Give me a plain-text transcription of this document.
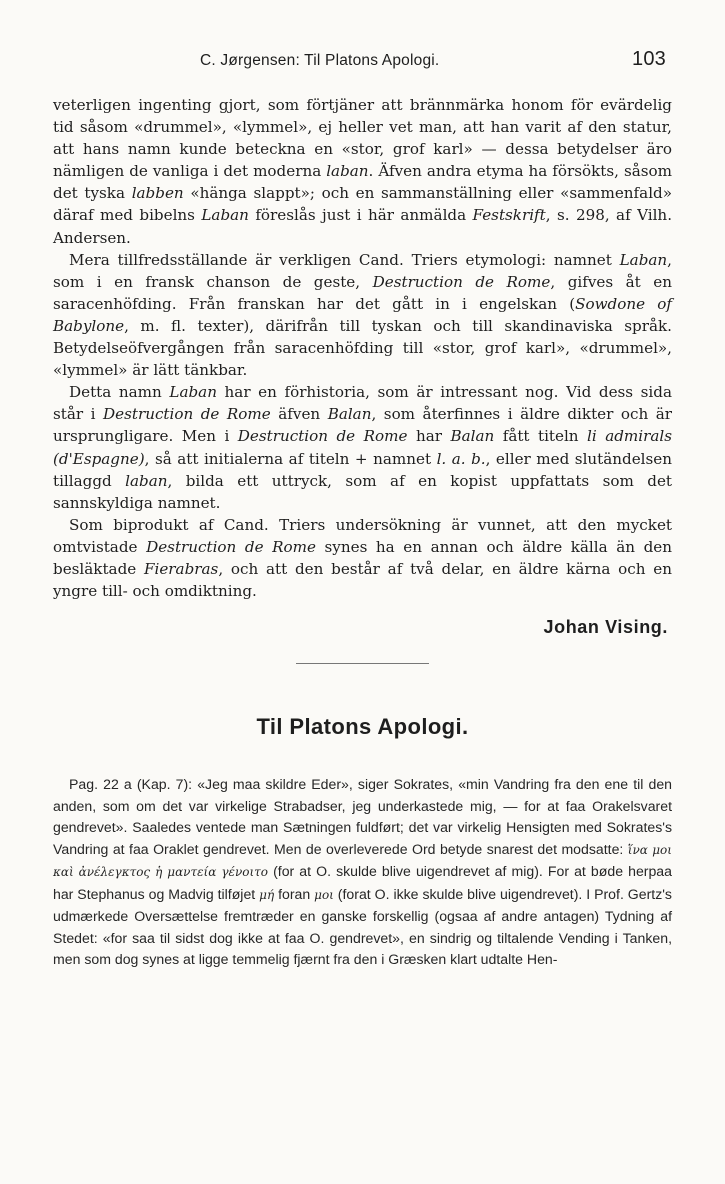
C. Jørgensen: Til Platons Apologi.	103

veterligen ingenting gjort, som förtjäner att brännmärka honom för evärdelig tid såsom «drummel», «lymmel», ej heller vet man, att han varit af den statur, att hans namn kunde beteckna en «stor, grof karl» — dessa betydelser äro nämligen de vanliga i det moderna laban. Äfven andra etyma ha försökts, såsom det tyska labben «hänga slappt»; och en sammanställning eller «sammenfald» däraf med bibelns Laban föreslås just i här anmälda Festskrift, s. 298, af Vilh. Andersen.

Mera tillfredsställande är verkligen Cand. Triers etymologi: namnet Laban, som i en fransk chanson de geste, Destruction de Rome, gifves åt en saracenhöfding. Från franskan har det gått in i engelskan (Sowdone of Babylone, m. fl. texter), därifrån till tyskan och till skandinaviska språk. Betydelseöfvergången från saracenhöfding till «stor, grof karl», «drummel», «lymmel» är lätt tänkbar.

Detta namn Laban har en förhistoria, som är intressant nog. Vid dess sida står i Destruction de Rome äfven Balan, som återfinnes i äldre dikter och är ursprungligare. Men i Destruction de Rome har Balan fått titeln li admirals (d'Espagne), så att initialerna af titeln + namnet l. a. b., eller med slutändelsen tillaggd laban, bilda ett uttryck, som af en kopist uppfattats som det sannskyldiga namnet.

Som biprodukt af Cand. Triers undersökning är vunnet, att den mycket omtvistade Destruction de Rome synes ha en annan och äldre källa än den besläktade Fierabras, och att den består af två delar, en äldre kärna och en yngre till- och omdiktning.

Johan Vising.
Til Platons Apologi.

Pag. 22 a (Kap. 7): «Jeg maa skildre Eder», siger Sokrates, «min Vandring fra den ene til den anden, som om det var virkelige Strabadser, jeg underkastede mig, — for at faa Orakelsvaret gendrevet». Saaledes ventede man Sætningen fuldført; det var virkelig Hensigten med Sokrates's Vandring at faa Oraklet gendrevet. Men de overleverede Ord betyde snarest det modsatte: ἵνα μοι καὶ ἀνέλεγκτος ἡ μαντεία γένοιτο (for at O. skulde blive uigendrevet af mig). For at bøde herpaa har Stephanus og Madvig tilføjet μή foran μοι (forat O. ikke skulde blive uigendrevet). I Prof. Gertz's udmærkede Oversættelse fremtræder en ganske forskellig (ogsaa af andre antagen) Tydning af Stedet: «for saa til sidst dog ikke at faa O. gendrevet», en sindrig og tiltalende Vending i Tanken, men som dog synes at ligge temmelig fjærnt fra den i Græsken klart udtalte Hen-
